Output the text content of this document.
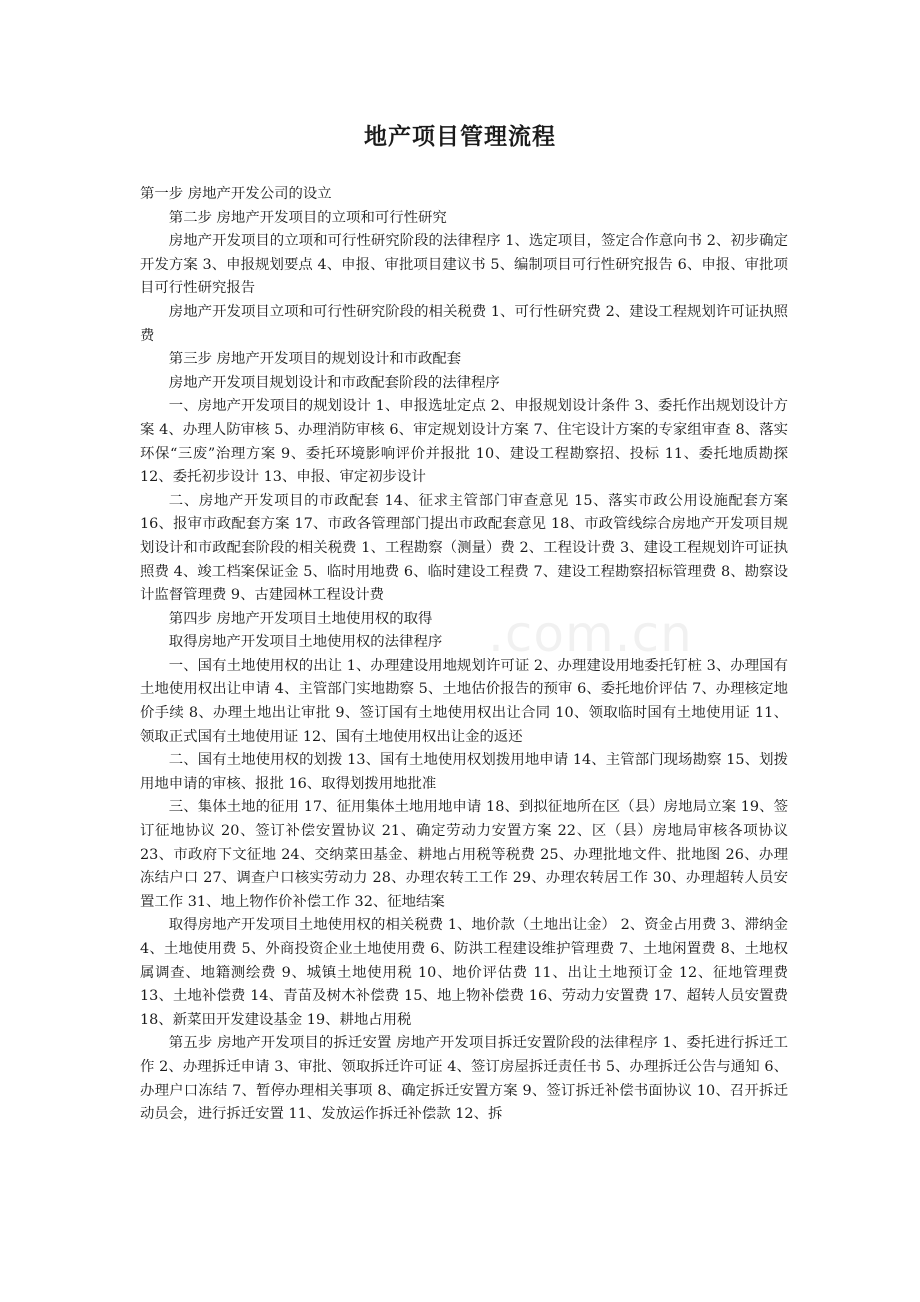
地产项目管理流程

第一步 房地产开发公司的设立

第二步 房地产开发项目的立项和可行性研究

房地产开发项目的立项和可行性研究阶段的法律程序 1、选定项目，签定合作意向书 2、初步确定开发方案 3、申报规划要点 4、申报、审批项目建议书 5、编制项目可行性研究报告 6、申报、审批项目可行性研究报告

房地产开发项目立项和可行性研究阶段的相关税费 1、可行性研究费 2、建设工程规划许可证执照费

第三步 房地产开发项目的规划设计和市政配套

房地产开发项目规划设计和市政配套阶段的法律程序

一、房地产开发项目的规划设计 1、申报选址定点 2、申报规划设计条件 3、委托作出规划设计方案 4、办理人防审核 5、办理消防审核 6、审定规划设计方案 7、住宅设计方案的专家组审查 8、落实环保“三废”治理方案 9、委托环境影响评价并报批 10、建设工程勘察招、投标 11、委托地质勘探 12、委托初步设计 13、申报、审定初步设计

二、房地产开发项目的市政配套 14、征求主管部门审查意见 15、落实市政公用设施配套方案 16、报审市政配套方案 17、市政各管理部门提出市政配套意见 18、市政管线综合房地产开发项目规划设计和市政配套阶段的相关税费 1、工程勘察（测量）费 2、工程设计费 3、建设工程规划许可证执照费 4、竣工档案保证金 5、临时用地费 6、临时建设工程费 7、建设工程勘察招标管理费 8、勘察设计监督管理费 9、古建园林工程设计费

第四步 房地产开发项目土地使用权的取得

取得房地产开发项目土地使用权的法律程序

一、国有土地使用权的出让 1、办理建设用地规划许可证 2、办理建设用地委托钉桩 3、办理国有土地使用权出让申请 4、主管部门实地勘察 5、土地估价报告的预审 6、委托地价评估 7、办理核定地价手续 8、办理土地出让审批 9、签订国有土地使用权出让合同 10、领取临时国有土地使用证 11、领取正式国有土地使用证 12、国有土地使用权出让金的返还

二、国有土地使用权的划拨 13、国有土地使用权划拨用地申请 14、主管部门现场勘察 15、划拨用地申请的审核、报批 16、取得划拨用地批准

三、集体土地的征用 17、征用集体土地用地申请 18、到拟征地所在区（县）房地局立案 19、签订征地协议 20、签订补偿安置协议 21、确定劳动力安置方案 22、区（县）房地局审核各项协议 23、市政府下文征地 24、交纳菜田基金、耕地占用税等税费 25、办理批地文件、批地图 26、办理冻结户口 27、调查户口核实劳动力 28、办理农转工工作 29、办理农转居工作 30、办理超转人员安置工作 31、地上物作价补偿工作 32、征地结案

取得房地产开发项目土地使用权的相关税费 1、地价款（土地出让金） 2、资金占用费 3、滞纳金 4、土地使用费 5、外商投资企业土地使用费 6、防洪工程建设维护管理费 7、土地闲置费 8、土地权属调查、地籍测绘费 9、城镇土地使用税 10、地价评估费 11、出让土地预订金 12、征地管理费 13、土地补偿费 14、青苗及树木补偿费 15、地上物补偿费 16、劳动力安置费 17、超转人员安置费 18、新菜田开发建设基金 19、耕地占用税

第五步 房地产开发项目的拆迁安置 房地产开发项目拆迁安置阶段的法律程序 1、委托进行拆迁工作 2、办理拆迁申请 3、审批、领取拆迁许可证 4、签订房屋拆迁责任书 5、办理拆迁公告与通知 6、办理户口冻结 7、暂停办理相关事项 8、确定拆迁安置方案 9、签订拆迁补偿书面协议 10、召开拆迁动员会，进行拆迁安置 11、发放运作拆迁补偿款 12、拆

.com.cn
